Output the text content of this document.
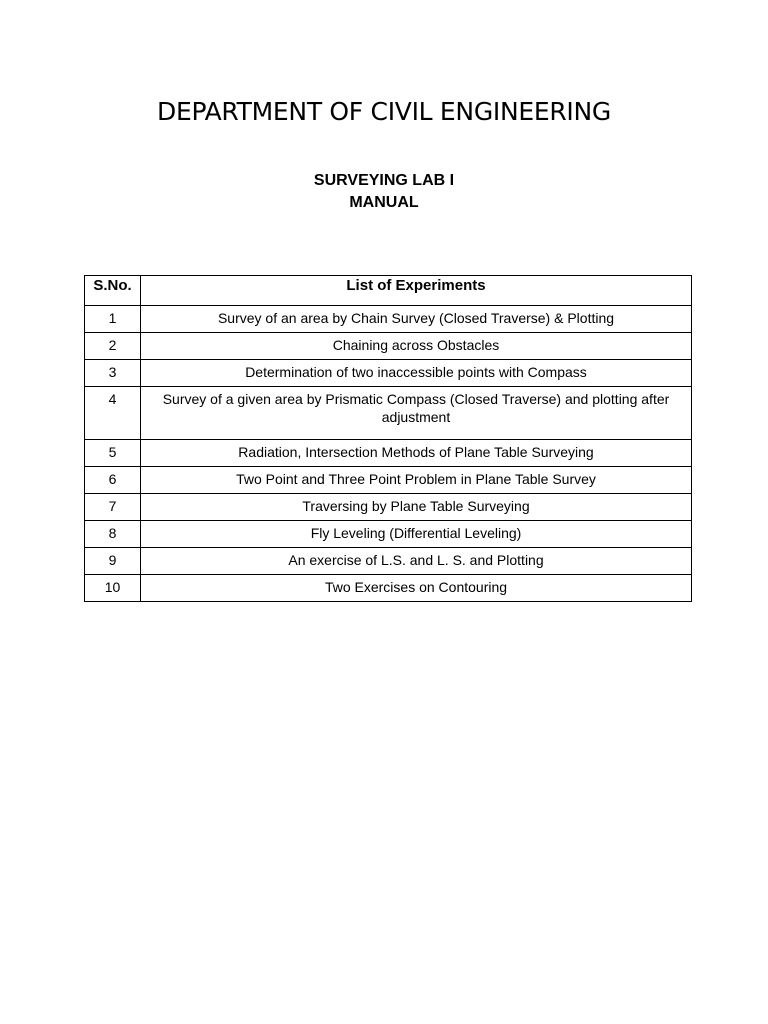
DEPARTMENT OF CIVIL ENGINEERING
SURVEYING LAB I
MANUAL
S.No.	List of Experiments
1	Survey of an area by Chain Survey (Closed Traverse) & Plotting
2	Chaining across Obstacles
3	Determination of two inaccessible points with Compass
4	Survey of a given area by Prismatic Compass (Closed Traverse) and plotting after adjustment
5	Radiation, Intersection Methods of Plane Table Surveying
6	Two Point and Three Point Problem in Plane Table Survey
7	Traversing by Plane Table Surveying
8	Fly Leveling (Differential Leveling)
9	An exercise of L.S. and L. S. and Plotting
10	Two Exercises on Contouring
